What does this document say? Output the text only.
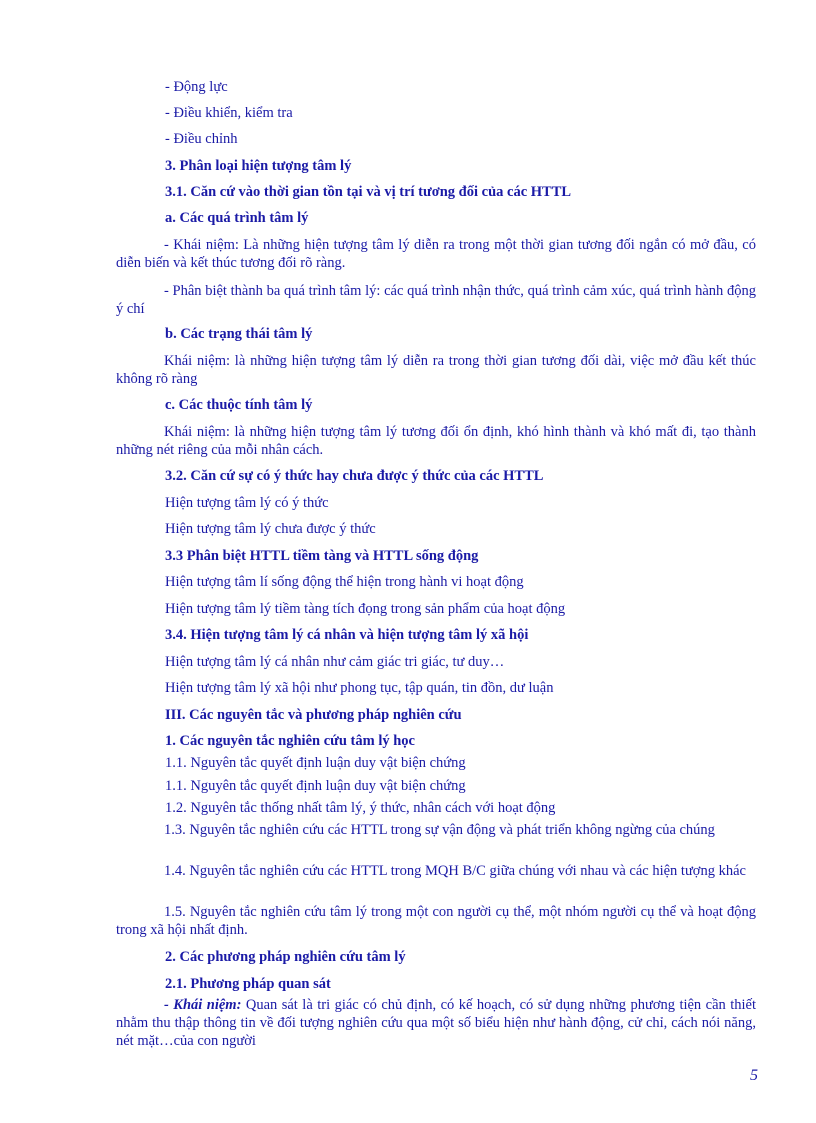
- Động lực
- Điều khiển, kiểm tra
- Điều chỉnh
3. Phân loại hiện tượng tâm lý
3.1. Căn cứ vào thời gian tồn tại và vị trí tương đối của các HTTL
a. Các quá trình tâm lý
- Khái niệm: Là những hiện tượng tâm lý diễn ra trong một thời gian tương đối ngắn có mở đầu, có diễn biến và kết thúc tương đối rõ ràng.
- Phân biệt thành ba quá trình tâm lý: các quá trình nhận thức, quá trình cảm xúc, quá trình hành động ý chí
b. Các trạng thái tâm lý
Khái niệm: là những hiện tượng tâm lý diễn ra trong thời gian tương đối dài, việc mở đầu kết thúc không rõ ràng
c. Các thuộc tính tâm lý
Khái niệm: là những hiện tượng tâm lý tương đối ổn định, khó hình thành và khó mất đi, tạo thành những nét riêng của mỗi nhân cách.
3.2. Căn cứ sự có ý thức hay chưa được ý thức của các HTTL
Hiện tượng tâm lý có ý thức
Hiện tượng tâm lý chưa được ý thức
3.3 Phân biệt HTTL tiềm tàng và HTTL sống động
Hiện tượng tâm lí sống động thể hiện trong hành vi hoạt động
Hiện tượng tâm lý tiềm tàng tích đọng trong sản phẩm của hoạt động
3.4. Hiện tượng tâm lý cá nhân và hiện tượng tâm lý xã hội
Hiện tượng tâm lý cá nhân như cảm giác tri giác, tư duy…
Hiện tượng tâm lý xã hội như phong tục, tập quán, tin đồn, dư luận
III. Các nguyên tắc và phương pháp nghiên cứu
1. Các nguyên tắc nghiên cứu tâm lý học
1.1. Nguyên tắc quyết định luận duy vật biện chứng
1.1. Nguyên tắc quyết định luận duy vật biện chứng
1.2. Nguyên tắc thống nhất tâm lý, ý thức, nhân cách với hoạt động
1.3. Nguyên tắc nghiên cứu các HTTL trong sự vận động và phát triển không ngừng của chúng
1.4. Nguyên tắc nghiên cứu các HTTL trong MQH B/C giữa chúng với nhau và các hiện tượng khác
1.5. Nguyên tắc nghiên cứu tâm lý trong một con người cụ thể, một nhóm người cụ thể và hoạt động trong xã hội nhất định.
2. Các phương pháp nghiên cứu tâm lý
2.1. Phương pháp quan sát
- Khái niệm: Quan sát là tri giác có chủ định, có kế hoạch, có sử dụng những phương tiện cần thiết nhằm thu thập thông tin về đối tượng nghiên cứu qua một số biểu hiện như hành động, cử chỉ, cách nói năng, nét mặt…của con người
5
